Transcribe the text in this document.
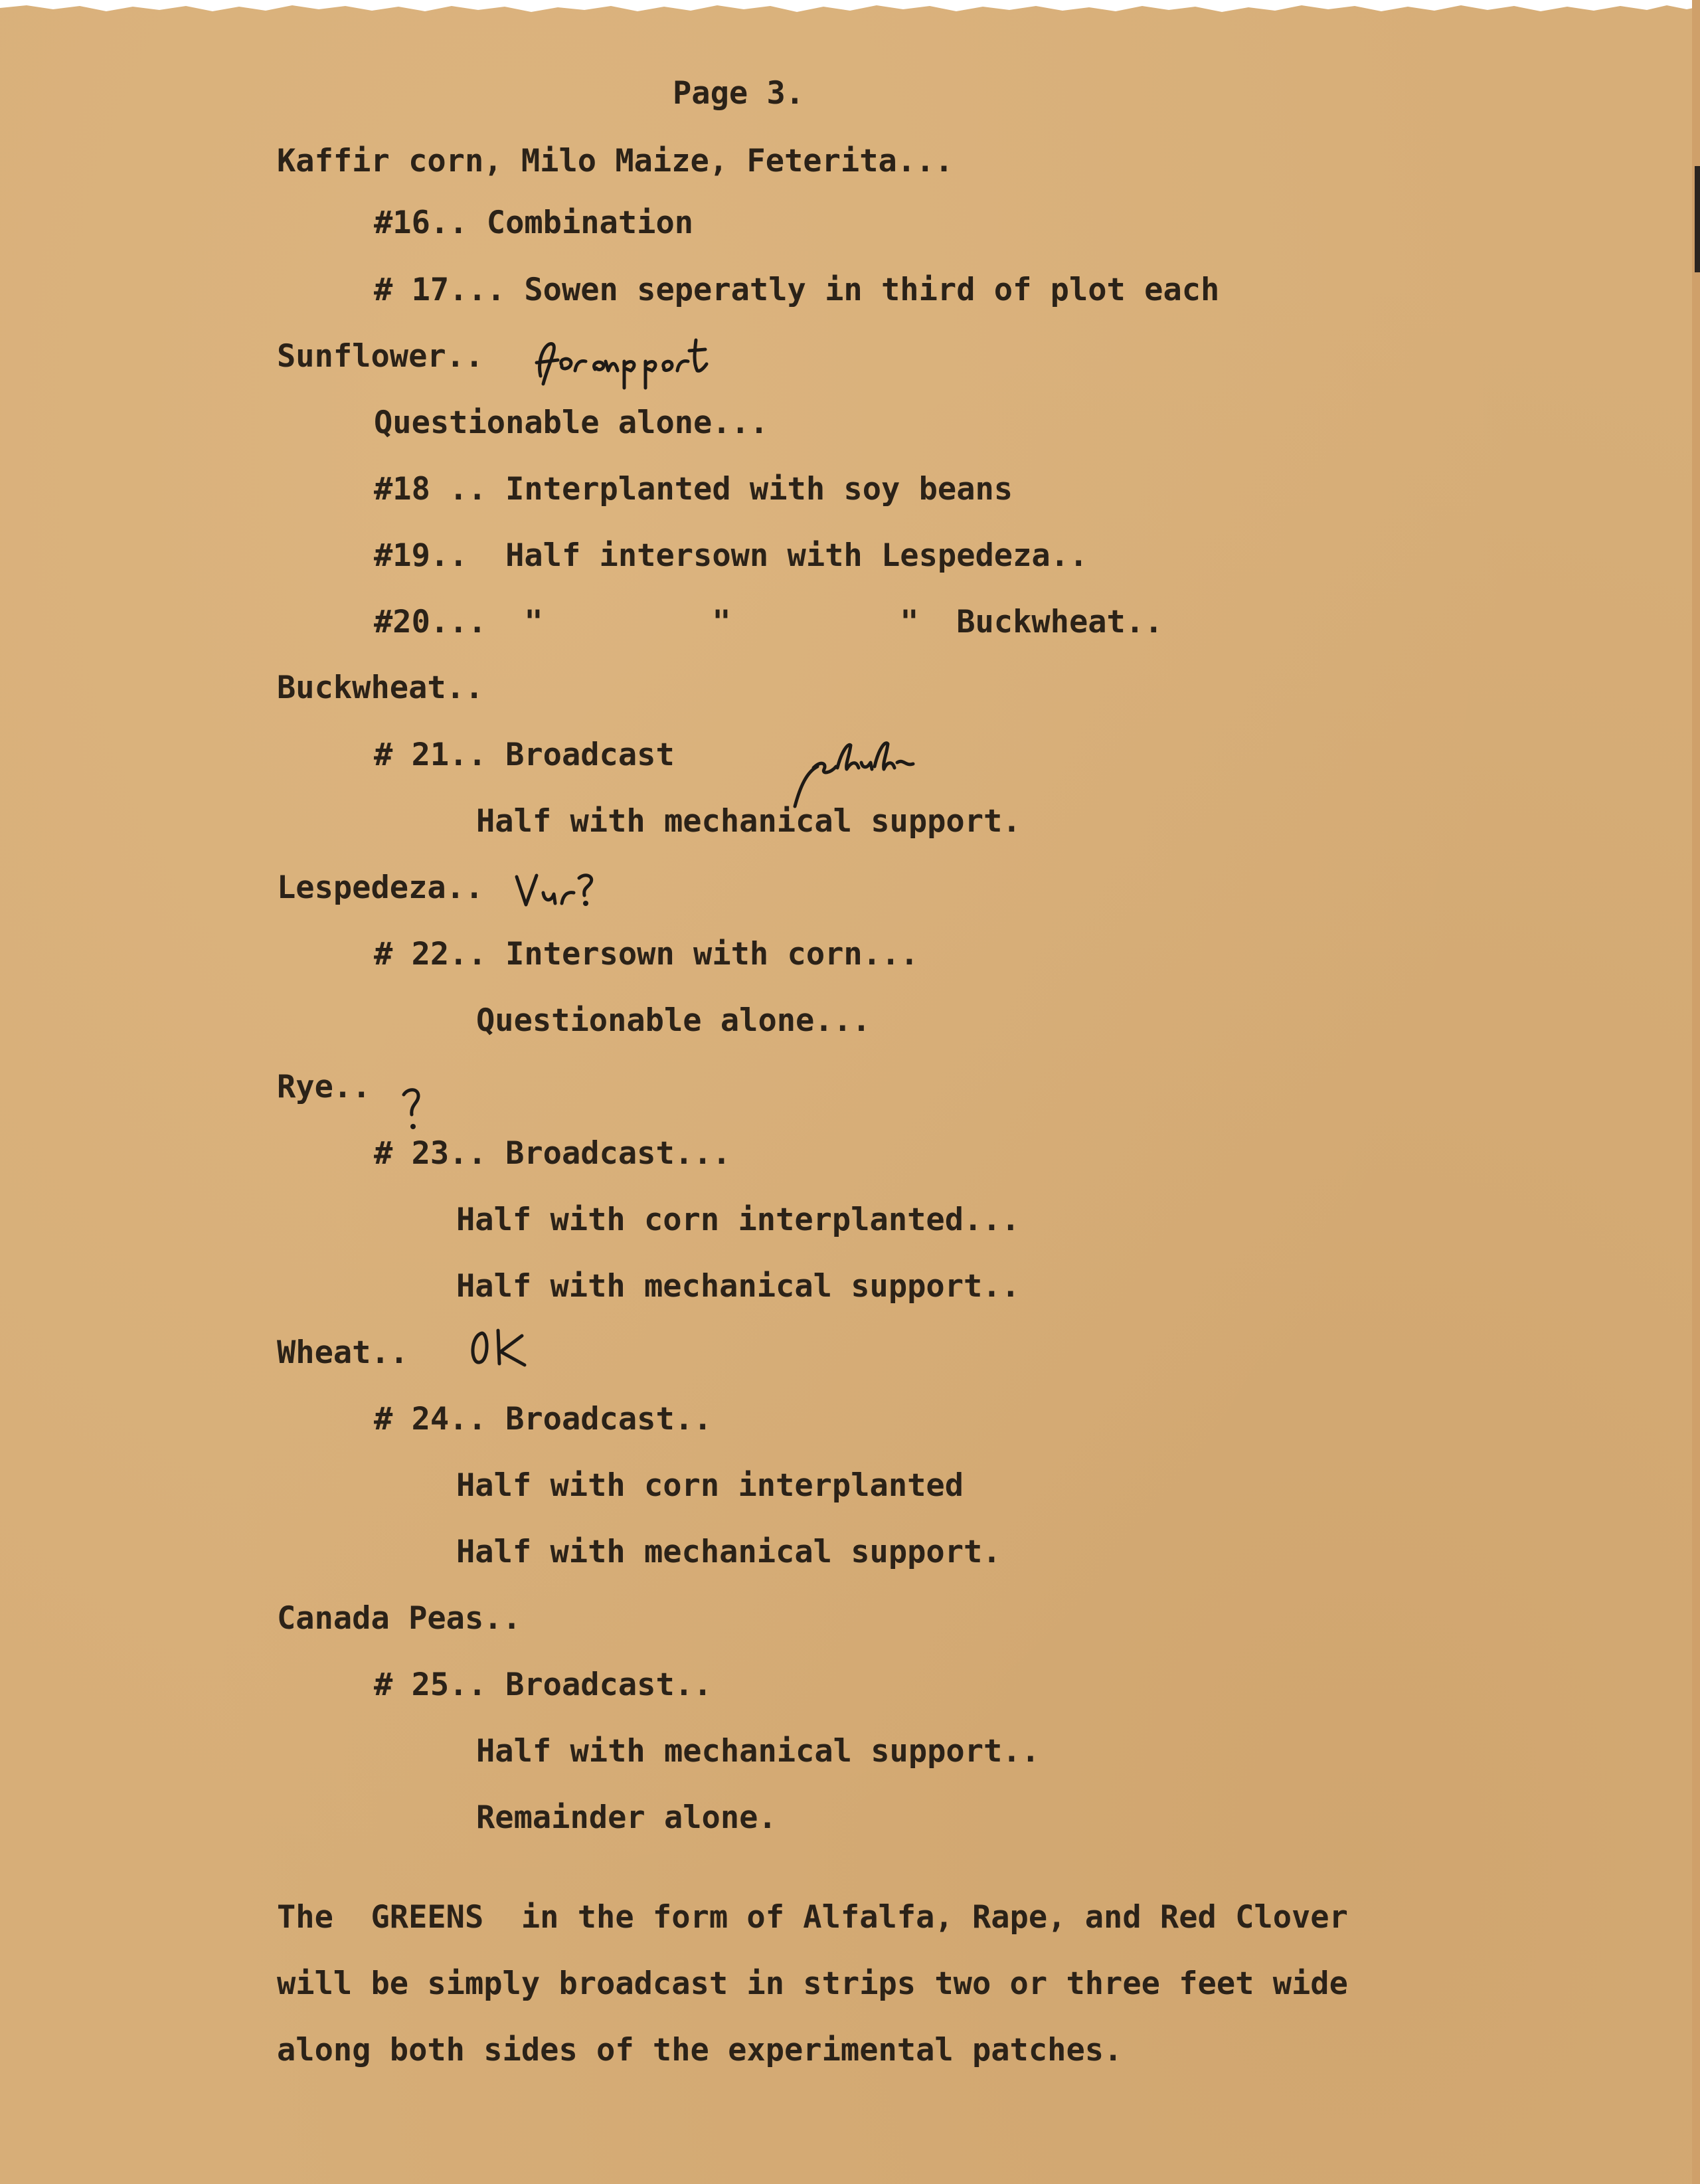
Page 3.
Kaffir corn, Milo Maize, Feterita...
#16.. Combination
# 17... Sowen seperatly in third of plot each
Sunflower..
Questionable alone...
#18 .. Interplanted with soy beans
#19..  Half intersown with Lespedeza..
#20...  "         "         "  Buckwheat..
Buckwheat..
# 21.. Broadcast
Half with mechanical support.
Lespedeza..
# 22.. Intersown with corn...
Questionable alone...
Rye..
# 23.. Broadcast...
Half with corn interplanted...
Half with mechanical support..
Wheat..
# 24.. Broadcast..
Half with corn interplanted
Half with mechanical support.
Canada Peas..
# 25.. Broadcast..
Half with mechanical support..
Remainder alone.
The  GREENS  in the form of Alfalfa, Rape, and Red Clover
will be simply broadcast in strips two or three feet wide
along both sides of the experimental patches.
